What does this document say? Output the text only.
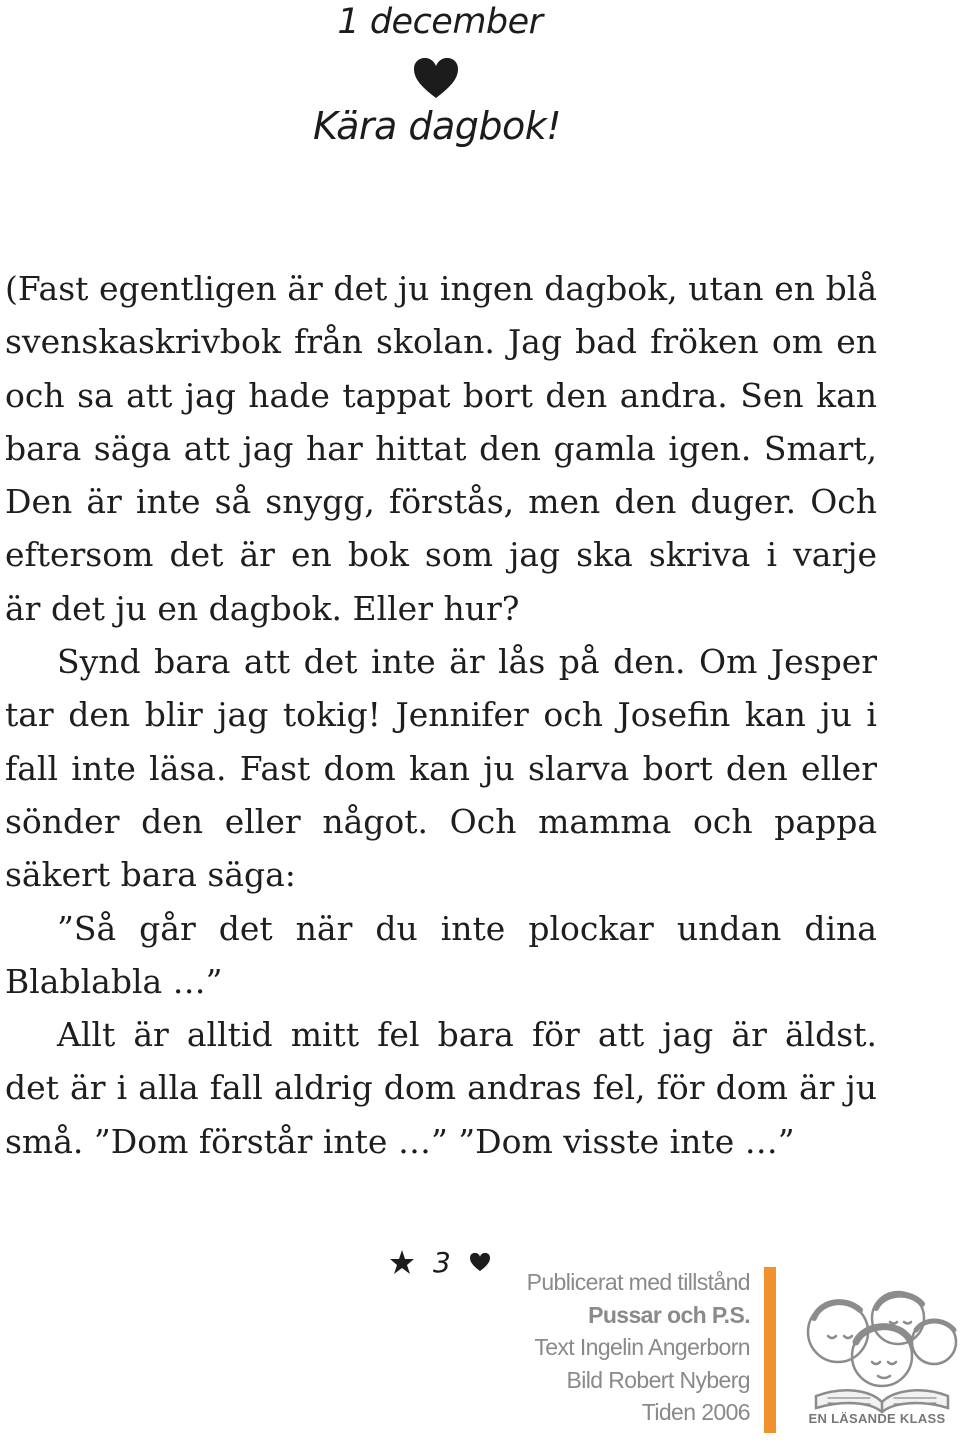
1 december
Kära dagbok!
(Fast egentligen är det ju ingen dagbok, utan en blå
svenskaskrivbok från skolan. Jag bad fröken om en
och sa att jag hade tappat bort den andra. Sen kan
bara säga att jag har hittat den gamla igen. Smart,
Den är inte så snygg, förstås, men den duger. Och
eftersom det är en bok som jag ska skriva i varje
är det ju en dagbok. Eller hur?
Synd bara att det inte är lås på den. Om Jesper
tar den blir jag tokig! Jennifer och Josefin kan ju i
fall inte läsa. Fast dom kan ju slarva bort den eller
sönder den eller något. Och mamma och pappa
säkert bara säga:
”Så går det när du inte plockar undan dina
Blablabla …”
Allt är alltid mitt fel bara för att jag är äldst.
det är i alla fall aldrig dom andras fel, för dom är ju
små. ”Dom förstår inte …” ”Dom visste inte …”
3
Publicerat med tillstånd
Pussar och P.S.
Text Ingelin Angerborn
Bild Robert Nyberg
Tiden 2006	EN LÄSANDE KLASS
